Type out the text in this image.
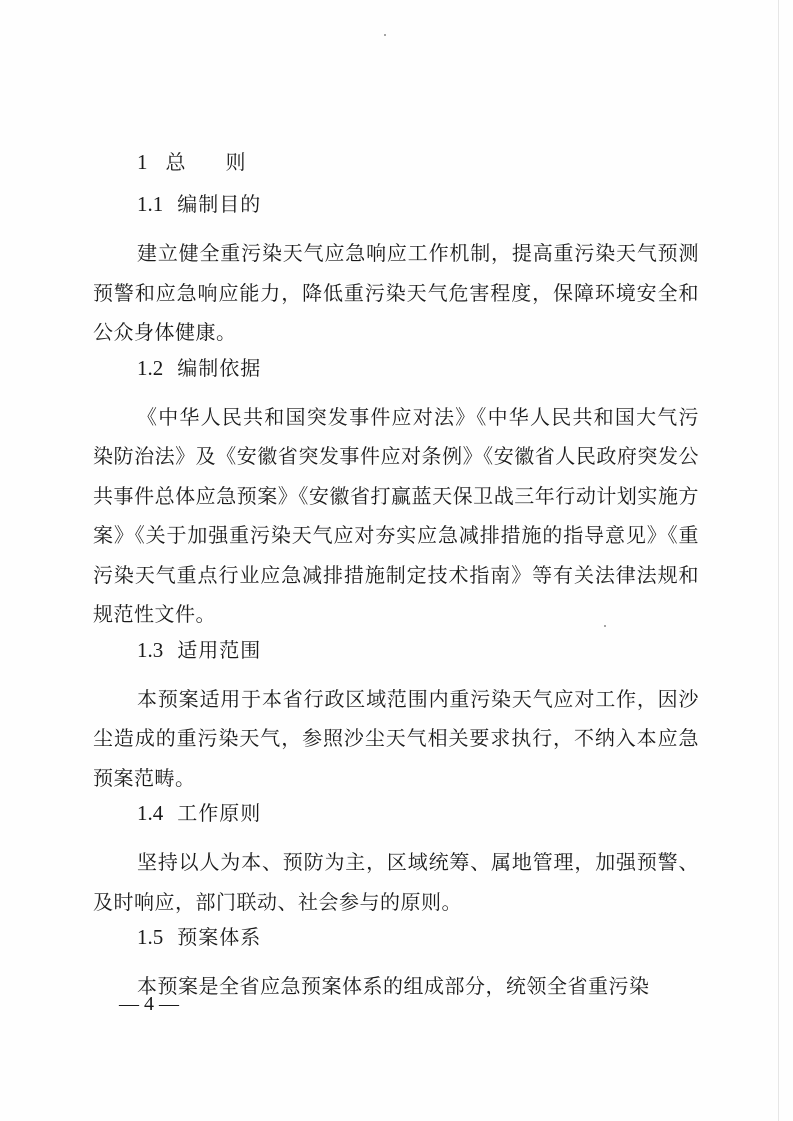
1 总　则
1.1 编制目的

建立健全重污染天气应急响应工作机制，提高重污染天气预测预警和应急响应能力，降低重污染天气危害程度，保障环境安全和公众身体健康。

1.2 编制依据

《中华人民共和国突发事件应对法》《中华人民共和国大气污染防治法》及《安徽省突发事件应对条例》《安徽省人民政府突发公共事件总体应急预案》《安徽省打赢蓝天保卫战三年行动计划实施方案》《关于加强重污染天气应对夯实应急减排措施的指导意见》《重污染天气重点行业应急减排措施制定技术指南》等有关法律法规和规范性文件。

1.3 适用范围

本预案适用于本省行政区域范围内重污染天气应对工作，因沙尘造成的重污染天气，参照沙尘天气相关要求执行，不纳入本应急预案范畴。

1.4 工作原则

坚持以人为本、预防为主，区域统筹、属地管理，加强预警、及时响应，部门联动、社会参与的原则。

1.5 预案体系

本预案是全省应急预案体系的组成部分，统领全省重污染

— 4 —
